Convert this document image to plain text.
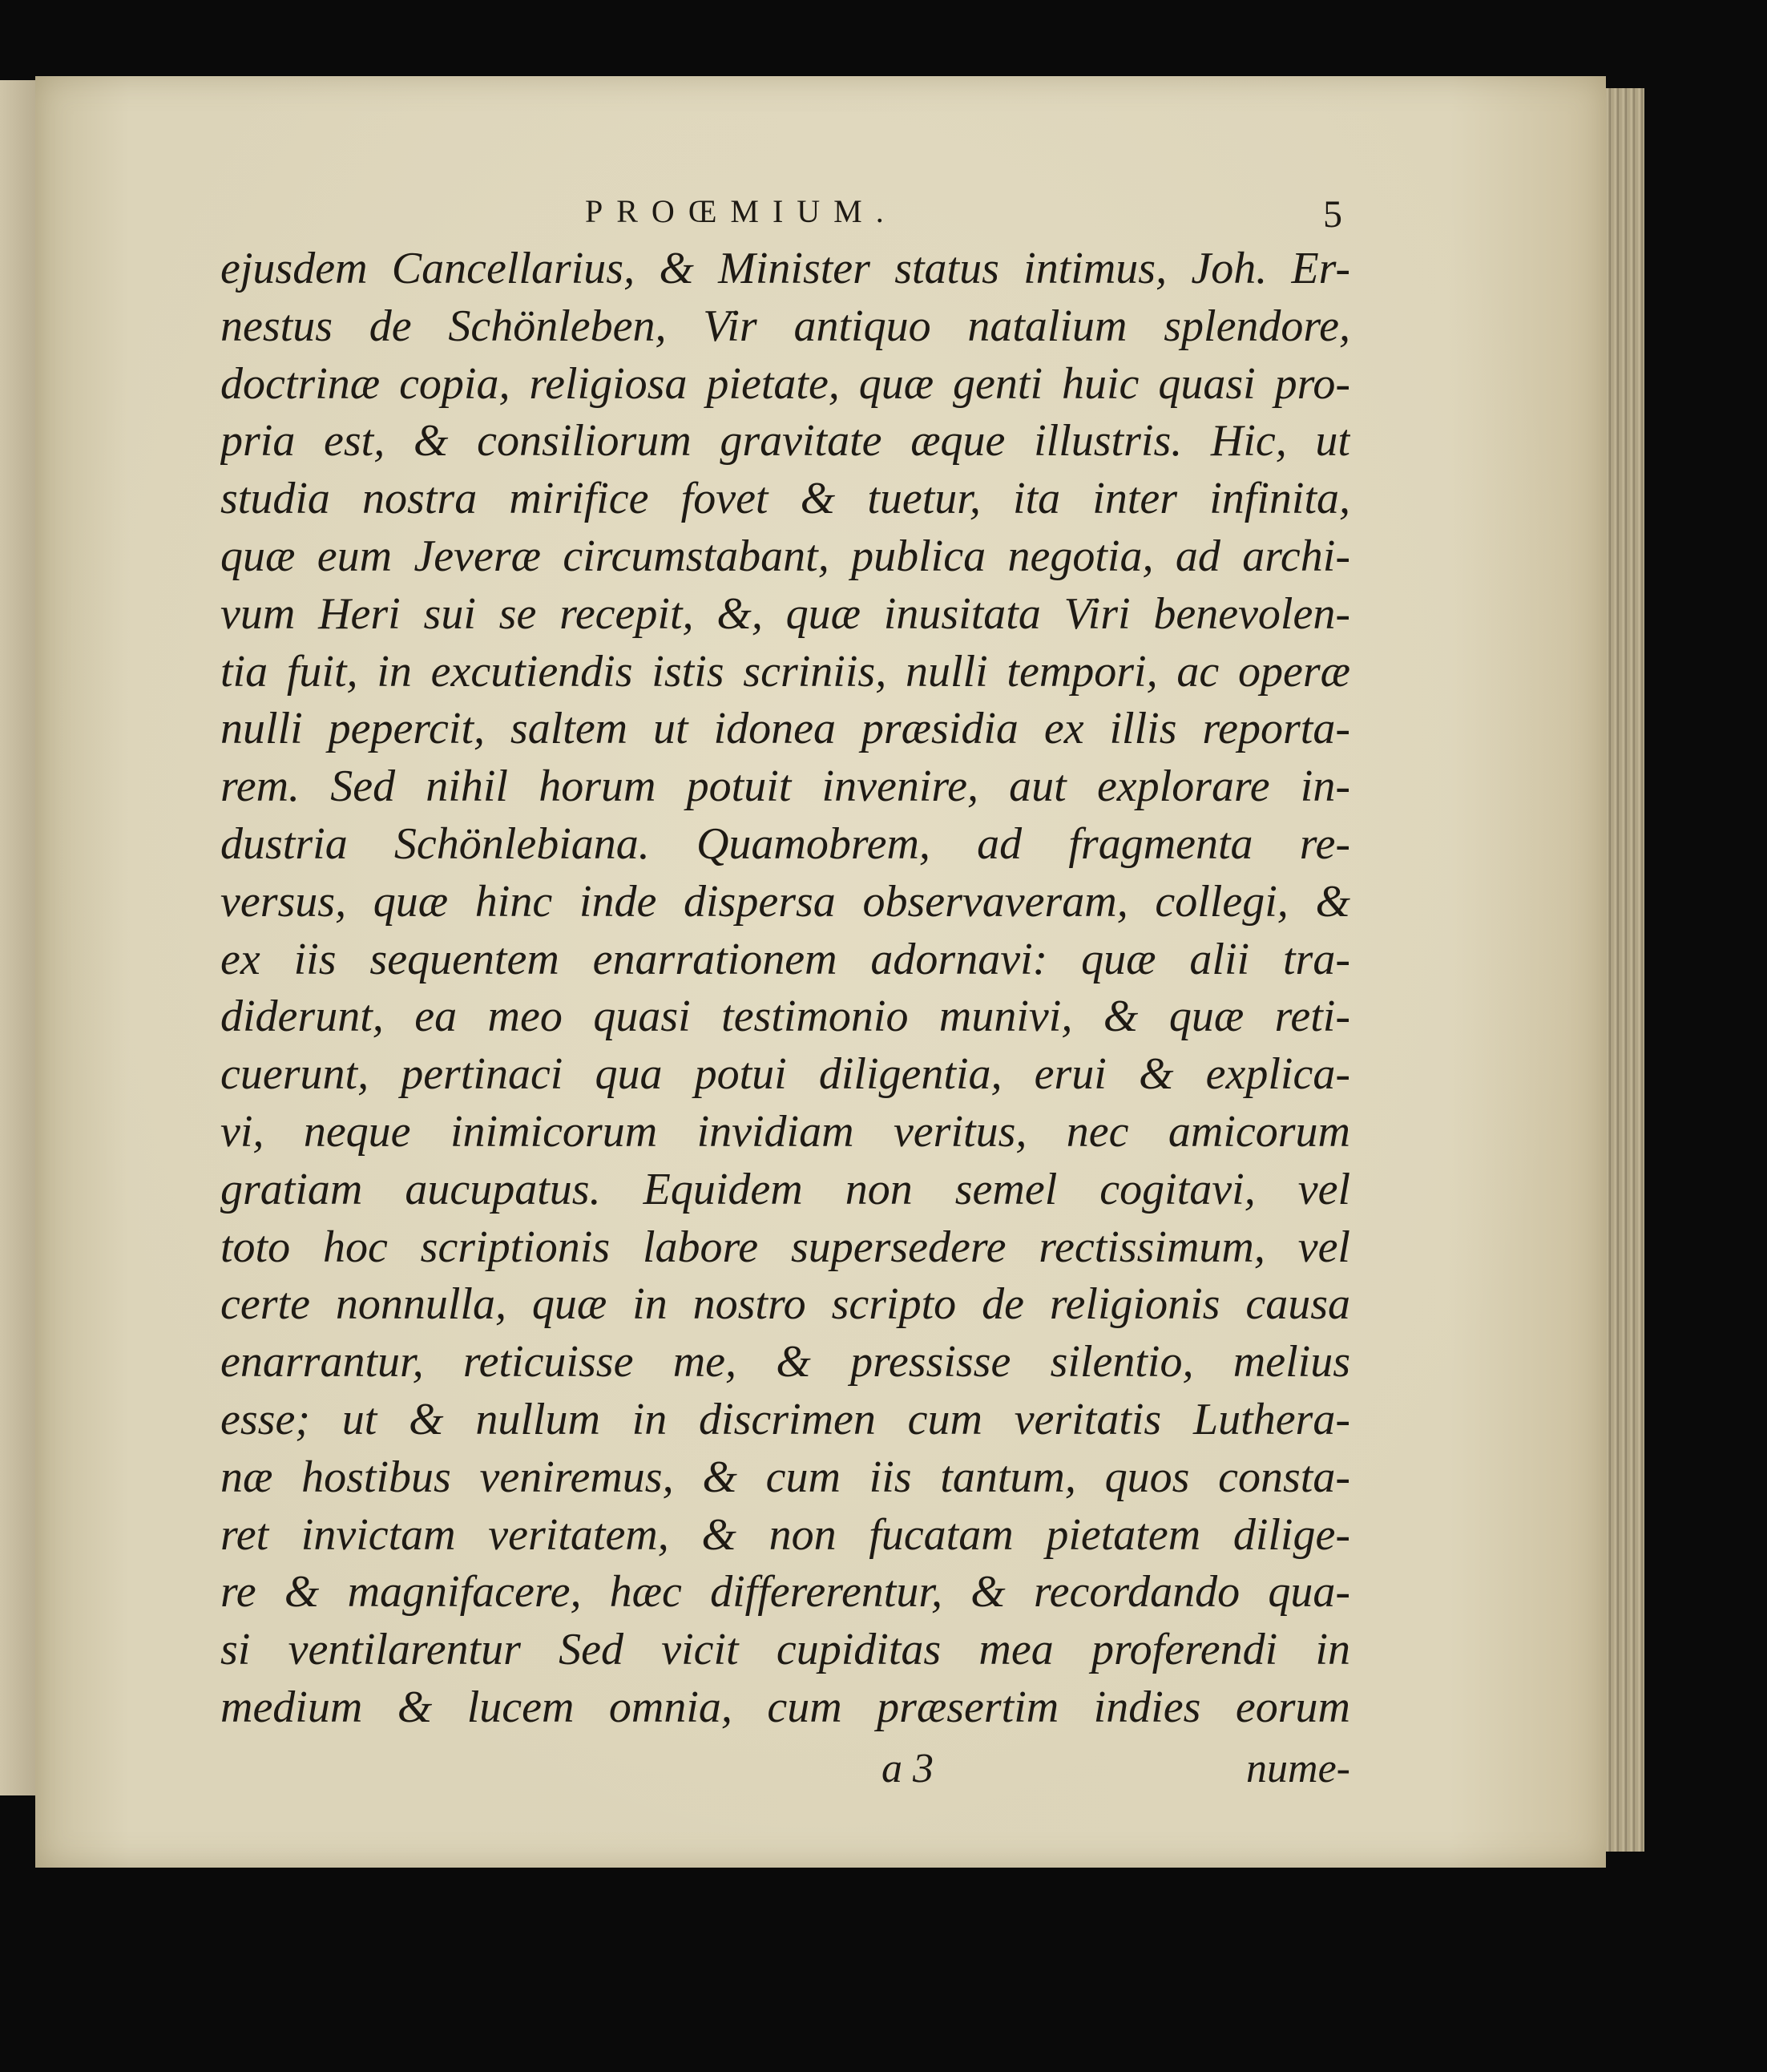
PROŒMIUM.	5
ejusdem Cancellarius, & Minister status intimus, Joh. Er-
nestus de Schönleben, Vir antiquo natalium splendore,
doctrinæ copia, religiosa pietate, quæ genti huic quasi pro-
pria est, & consiliorum gravitate æque illustris. Hic, ut
studia nostra mirifice fovet & tuetur, ita inter infinita,
quæ eum Jeveræ circumstabant, publica negotia, ad archi-
vum Heri sui se recepit, &, quæ inusitata Viri benevolen-
tia fuit, in excutiendis istis scriniis, nulli tempori, ac operæ
nulli pepercit, saltem ut idonea præsidia ex illis reporta-
rem. Sed nihil horum potuit invenire, aut explorare in-
dustria Schönlebiana. Quamobrem, ad fragmenta re-
versus, quæ hinc inde dispersa observaveram, collegi, &
ex iis sequentem enarrationem adornavi: quæ alii tra-
diderunt, ea meo quasi testimonio munivi, & quæ reti-
cuerunt, pertinaci qua potui diligentia, erui & explica-
vi, neque inimicorum invidiam veritus, nec amicorum
gratiam aucupatus. Equidem non semel cogitavi, vel
toto hoc scriptionis labore supersedere rectissimum, vel
certe nonnulla, quæ in nostro scripto de religionis causa
enarrantur, reticuisse me, & pressisse silentio, melius
esse; ut & nullum in discrimen cum veritatis Luthera-
næ hostibus veniremus, & cum iis tantum, quos consta-
ret invictam veritatem, & non fucatam pietatem dilige-
re & magnifacere, hæc differerentur, & recordando qua-
si ventilarentur Sed vicit cupiditas mea proferendi in
medium & lucem omnia, cum præsertim indies eorum
a 3	nume-
